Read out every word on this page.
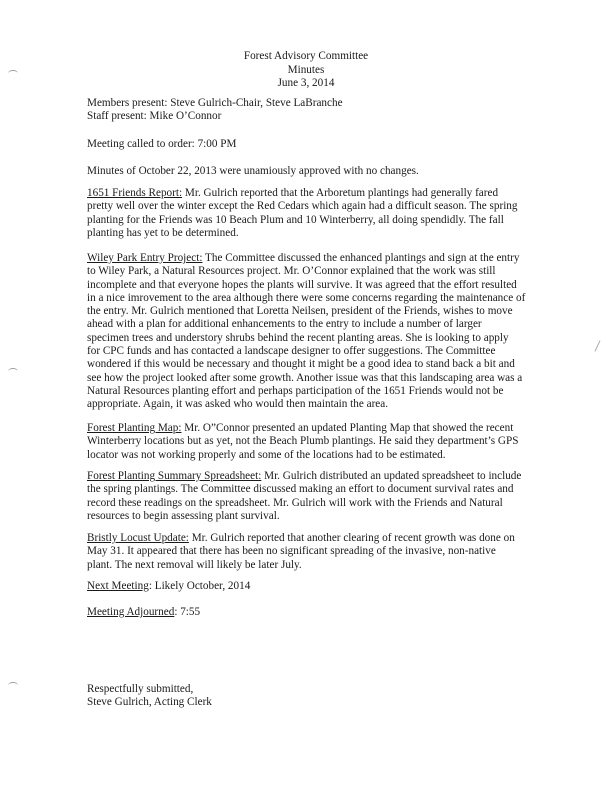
Forest Advisory Committee
Minutes
June 3, 2014
Members present: Steve Gulrich-Chair, Steve LaBranche
Staff present: Mike O’Connor
Meeting called to order: 7:00 PM
Minutes of October 22, 2013 were unamiously approved with no changes.
1651 Friends Report: Mr. Gulrich reported that the Arboretum plantings had generally fared
pretty well over the winter except the Red Cedars which again had a difficult season. The spring
planting for the Friends was 10 Beach Plum and 10 Winterberry, all doing spendidly. The fall
planting has yet to be determined.
Wiley Park Entry Project: The Committee discussed the enhanced plantings and sign at the entry
to Wiley Park, a Natural Resources project. Mr. O’Connor explained that the work was still
incomplete and that everyone hopes the plants will survive. It was agreed that the effort resulted
in a nice imrovement to the area although there were some concerns regarding the maintenance of
the entry. Mr. Gulrich mentioned that Loretta Neilsen, president of the Friends, wishes to move
ahead with a plan for additional enhancements to the entry to include a number of larger
specimen trees and understory shrubs behind the recent planting areas. She is looking to apply
for CPC funds and has contacted a landscape designer to offer suggestions. The Committee
wondered if this would be necessary and thought it might be a good idea to stand back a bit and
see how the project looked after some growth. Another issue was that this landscaping area was a
Natural Resources planting effort and perhaps participation of the 1651 Friends would not be
appropriate. Again, it was asked who would then maintain the area.
Forest Planting Map: Mr. O”Connor presented an updated Planting Map that showed the recent
Winterberry locations but as yet, not the Beach Plumb plantings. He said they department’s GPS
locator was not working properly and some of the locations had to be estimated.
Forest Planting Summary Spreadsheet: Mr. Gulrich distributed an updated spreadsheet to include
the spring plantings. The Committee discussed making an effort to document survival rates and
record these readings on the spreadsheet. Mr. Gulrich will work with the Friends and Natural
resources to begin assessing plant survival.
Bristly Locust Update: Mr. Gulrich reported that another clearing of recent growth was done on
May 31. It appeared that there has been no significant spreading of the invasive, non-native
plant. The next removal will likely be later July.
Next Meeting: Likely October, 2014
Meeting Adjourned: 7:55
Respectfully submitted,
Steve Gulrich, Acting Clerk
